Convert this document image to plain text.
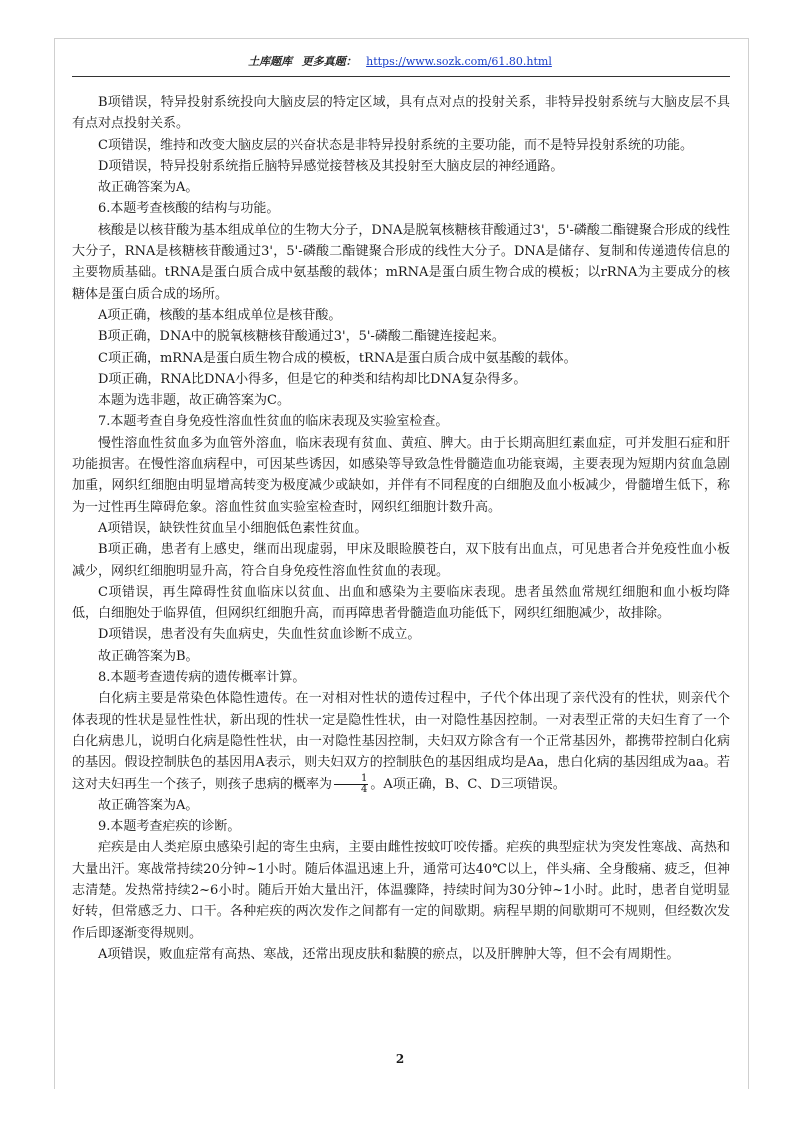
土库题库 更多真题： https://www.sozk.com/61.80.html

B项错误，特异投射系统投向大脑皮层的特定区域，具有点对点的投射关系，非特异投射系统与大脑皮层不具有点对点投射关系。

C项错误，维持和改变大脑皮层的兴奋状态是非特异投射系统的主要功能，而不是特异投射系统的功能。

D项错误，特异投射系统指丘脑特异感觉接替核及其投射至大脑皮层的神经通路。

故正确答案为A。

6.本题考查核酸的结构与功能。

核酸是以核苷酸为基本组成单位的生物大分子，DNA是脱氧核糖核苷酸通过3'，5'-磷酸二酯键聚合形成的线性大分子，RNA是核糖核苷酸通过3'，5'-磷酸二酯键聚合形成的线性大分子。DNA是储存、复制和传递遗传信息的主要物质基础。tRNA是蛋白质合成中氨基酸的载体；mRNA是蛋白质生物合成的模板；以rRNA为主要成分的核糖体是蛋白质合成的场所。

A项正确，核酸的基本组成单位是核苷酸。

B项正确，DNA中的脱氧核糖核苷酸通过3'，5'-磷酸二酯键连接起来。

C项正确，mRNA是蛋白质生物合成的模板，tRNA是蛋白质合成中氨基酸的载体。

D项正确，RNA比DNA小得多，但是它的种类和结构却比DNA复杂得多。

本题为选非题，故正确答案为C。

7.本题考查自身免疫性溶血性贫血的临床表现及实验室检查。

慢性溶血性贫血多为血管外溶血，临床表现有贫血、黄疸、脾大。由于长期高胆红素血症，可并发胆石症和肝功能损害。在慢性溶血病程中，可因某些诱因，如感染等导致急性骨髓造血功能衰竭，主要表现为短期内贫血急剧加重，网织红细胞由明显增高转变为极度减少或缺如，并伴有不同程度的白细胞及血小板减少，骨髓增生低下，称为一过性再生障碍危象。溶血性贫血实验室检查时，网织红细胞计数升高。

A项错误，缺铁性贫血呈小细胞低色素性贫血。

B项正确，患者有上感史，继而出现虚弱，甲床及眼睑膜苍白，双下肢有出血点，可见患者合并免疫性血小板减少，网织红细胞明显升高，符合自身免疫性溶血性贫血的表现。

C项错误，再生障碍性贫血临床以贫血、出血和感染为主要临床表现。患者虽然血常规红细胞和血小板均降低，白细胞处于临界值，但网织红细胞升高，而再障患者骨髓造血功能低下，网织红细胞减少，故排除。

D项错误，患者没有失血病史，失血性贫血诊断不成立。

故正确答案为B。

8.本题考查遗传病的遗传概率计算。

白化病主要是常染色体隐性遗传。在一对相对性状的遗传过程中，子代个体出现了亲代没有的性状，则亲代个体表现的性状是显性性状，新出现的性状一定是隐性性状，由一对隐性基因控制。一对表型正常的夫妇生育了一个白化病患儿，说明白化病是隐性性状，由一对隐性基因控制，夫妇双方除含有一个正常基因外，都携带控制白化病的基因。假设控制肤色的基因用A表示，则夫妇双方的控制肤色的基因组成均是Aa，患白化病的基因组成为aa。若这对夫妇再生一个孩子，则孩子患病的概率为 $\frac{1}{4}$ 。A项正确，B、C、D三项错误。

故正确答案为A。

9.本题考查疟疾的诊断。

疟疾是由人类疟原虫感染引起的寄生虫病，主要由雌性按蚊叮咬传播。疟疾的典型症状为突发性寒战、高热和大量出汗。寒战常持续20分钟~1小时。随后体温迅速上升，通常可达40℃以上，伴头痛、全身酸痛、疲乏，但神志清楚。发热常持续2~6小时。随后开始大量出汗，体温骤降，持续时间为30分钟~1小时。此时，患者自觉明显好转，但常感乏力、口干。各种疟疾的两次发作之间都有一定的间歇期。病程早期的间歇期可不规则，但经数次发作后即逐渐变得规则。

A项错误，败血症常有高热、寒战，还常出现皮肤和黏膜的瘀点，以及肝脾肿大等，但不会有周期性。

2
